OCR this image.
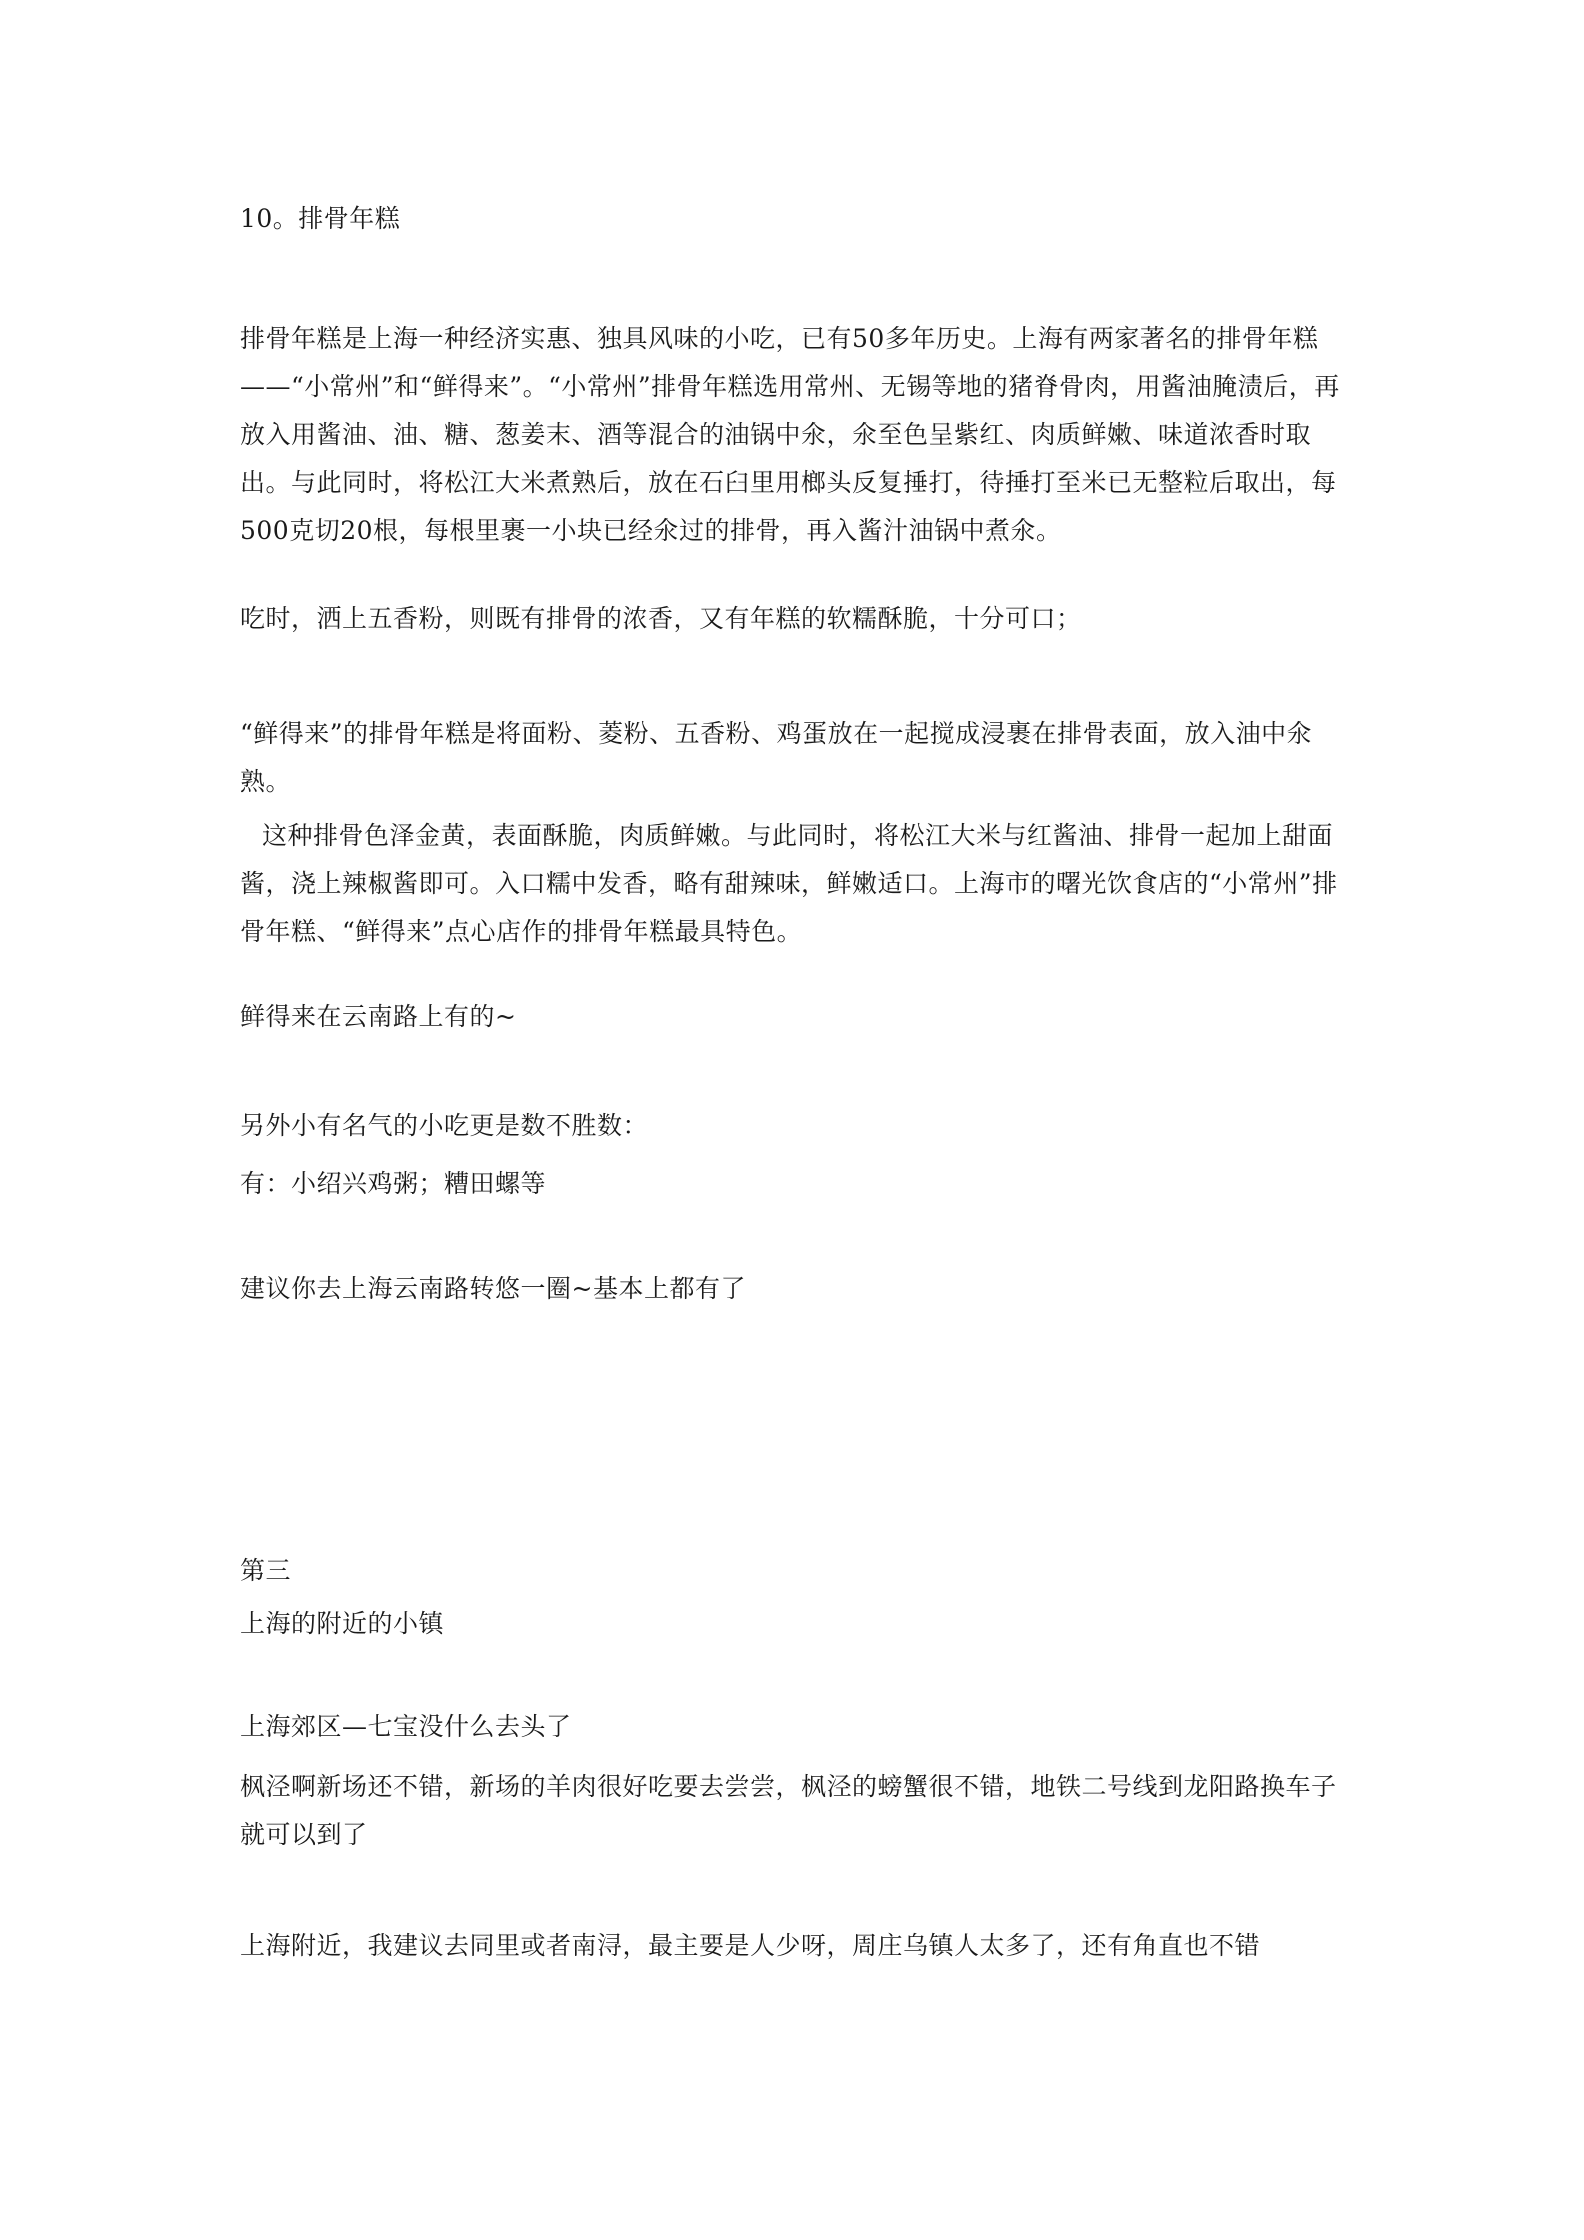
10。排骨年糕

排骨年糕是上海一种经济实惠、独具风味的小吃，已有50多年历史。上海有两家著名的排骨年糕——“小常州”和“鲜得来”。“小常州”排骨年糕选用常州、无锡等地的猪脊骨肉，用酱油腌渍后，再放入用酱油、油、糖、葱姜末、酒等混合的油锅中氽，氽至色呈紫红、肉质鲜嫩、味道浓香时取出。与此同时，将松江大米煮熟后，放在石臼里用榔头反复捶打，待捶打至米已无整粒后取出，每500克切20根，每根里裹一小块已经氽过的排骨，再入酱汁油锅中煮氽。

吃时，洒上五香粉，则既有排骨的浓香，又有年糕的软糯酥脆，十分可口；

“鲜得来”的排骨年糕是将面粉、菱粉、五香粉、鸡蛋放在一起搅成浸裹在排骨表面，放入油中氽熟。

这种排骨色泽金黄，表面酥脆，肉质鲜嫩。与此同时，将松江大米与红酱油、排骨一起加上甜面酱，浇上辣椒酱即可。入口糯中发香，略有甜辣味，鲜嫩适口。上海市的曙光饮食店的“小常州”排骨年糕、“鲜得来”点心店作的排骨年糕最具特色。

鲜得来在云南路上有的~

另外小有名气的小吃更是数不胜数：

有：小绍兴鸡粥；糟田螺等

建议你去上海云南路转悠一圈~基本上都有了

第三

上海的附近的小镇

上海郊区—七宝没什么去头了

枫泾啊新场还不错，新场的羊肉很好吃要去尝尝，枫泾的螃蟹很不错，地铁二号线到龙阳路换车子就可以到了

上海附近，我建议去同里或者南浔，最主要是人少呀，周庄乌镇人太多了，还有角直也不错
